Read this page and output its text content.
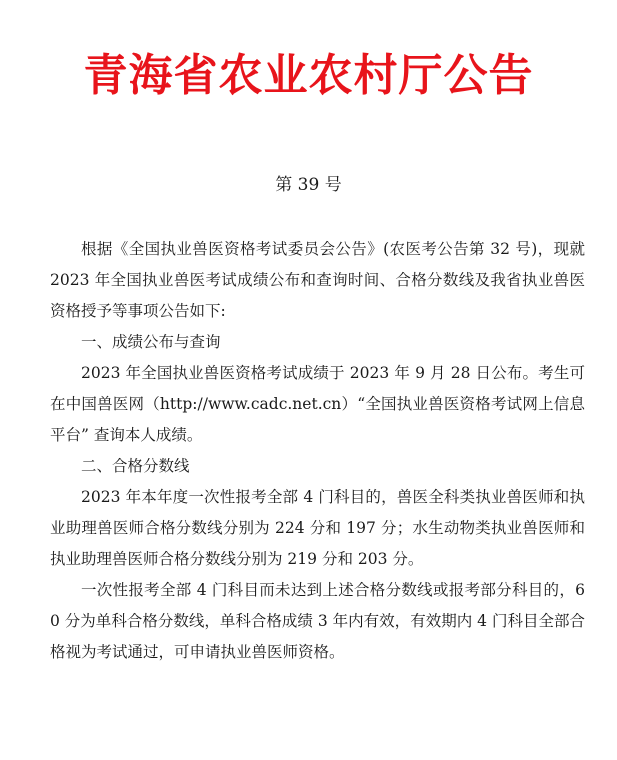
青海省农业农村厅公告
第 39 号

根据《全国执业兽医资格考试委员会公告》(农医考公告第 32 号)，现就 2023 年全国执业兽医考试成绩公布和查询时间、合格分数线及我省执业兽医资格授予等事项公告如下:

一、成绩公布与查询

2023 年全国执业兽医资格考试成绩于 2023 年 9 月 28 日公布。考生可在中国兽医网（http://www.cadc.net.cn）“全国执业兽医资格考试网上信息平台” 查询本人成绩。

二、合格分数线

2023 年本年度一次性报考全部 4 门科目的，兽医全科类执业兽医师和执业助理兽医师合格分数线分别为 224 分和 197 分；水生动物类执业兽医师和执业助理兽医师合格分数线分别为 219 分和 203 分。

一次性报考全部 4 门科目而未达到上述合格分数线或报考部分科目的，60 分为单科合格分数线，单科合格成绩 3 年内有效，有效期内 4 门科目全部合格视为考试通过，可申请执业兽医师资格。
